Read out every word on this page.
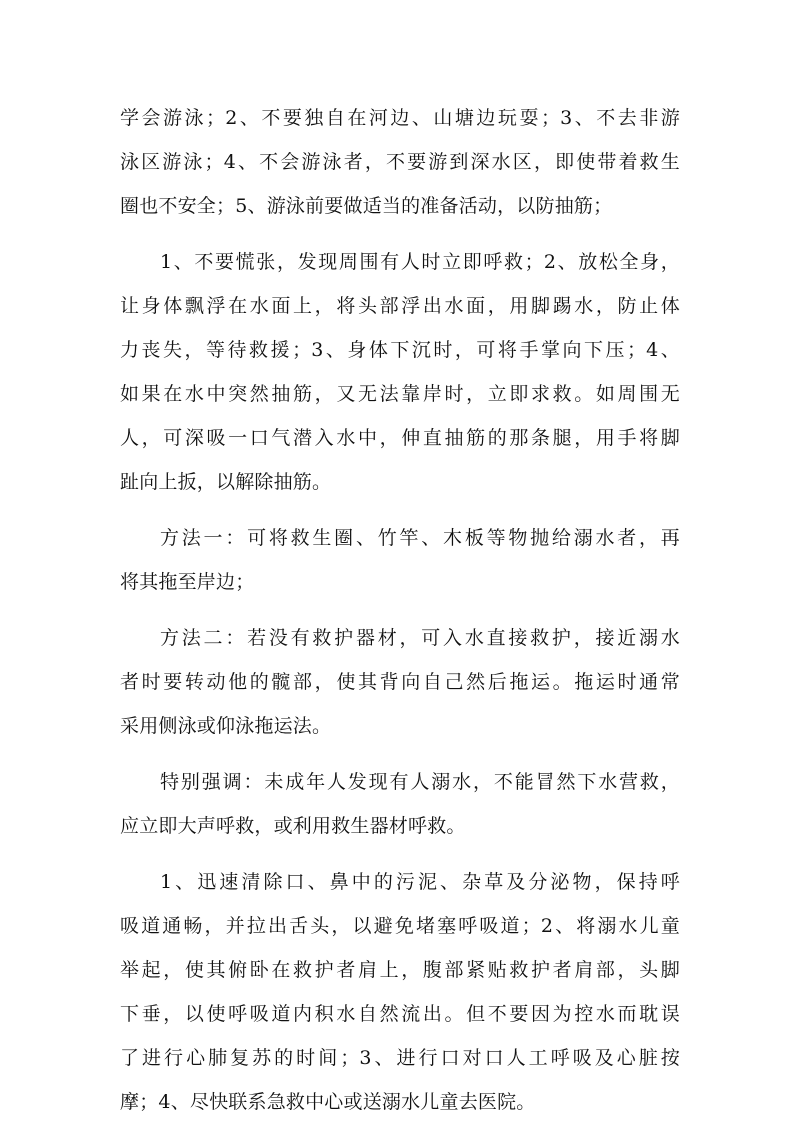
学会游泳；2、不要独自在河边、山塘边玩耍；3、不去非游
泳区游泳；4、不会游泳者，不要游到深水区，即使带着救生
圈也不安全；5、游泳前要做适当的准备活动，以防抽筋；

1、不要慌张，发现周围有人时立即呼救；2、放松全身，
让身体飘浮在水面上，将头部浮出水面，用脚踢水，防止体
力丧失，等待救援；3、身体下沉时，可将手掌向下压；4、
如果在水中突然抽筋，又无法靠岸时，立即求救。如周围无
人，可深吸一口气潜入水中，伸直抽筋的那条腿，用手将脚
趾向上扳，以解除抽筋。

方法一：可将救生圈、竹竿、木板等物抛给溺水者，再
将其拖至岸边；

方法二：若没有救护器材，可入水直接救护，接近溺水
者时要转动他的髋部，使其背向自己然后拖运。拖运时通常
采用侧泳或仰泳拖运法。

特别强调：未成年人发现有人溺水，不能冒然下水营救，
应立即大声呼救，或利用救生器材呼救。

1、迅速清除口、鼻中的污泥、杂草及分泌物，保持呼
吸道通畅，并拉出舌头，以避免堵塞呼吸道；2、将溺水儿童
举起，使其俯卧在救护者肩上，腹部紧贴救护者肩部，头脚
下垂，以使呼吸道内积水自然流出。但不要因为控水而耽误
了进行心肺复苏的时间；3、进行口对口人工呼吸及心脏按
摩；4、尽快联系急救中心或送溺水儿童去医院。
